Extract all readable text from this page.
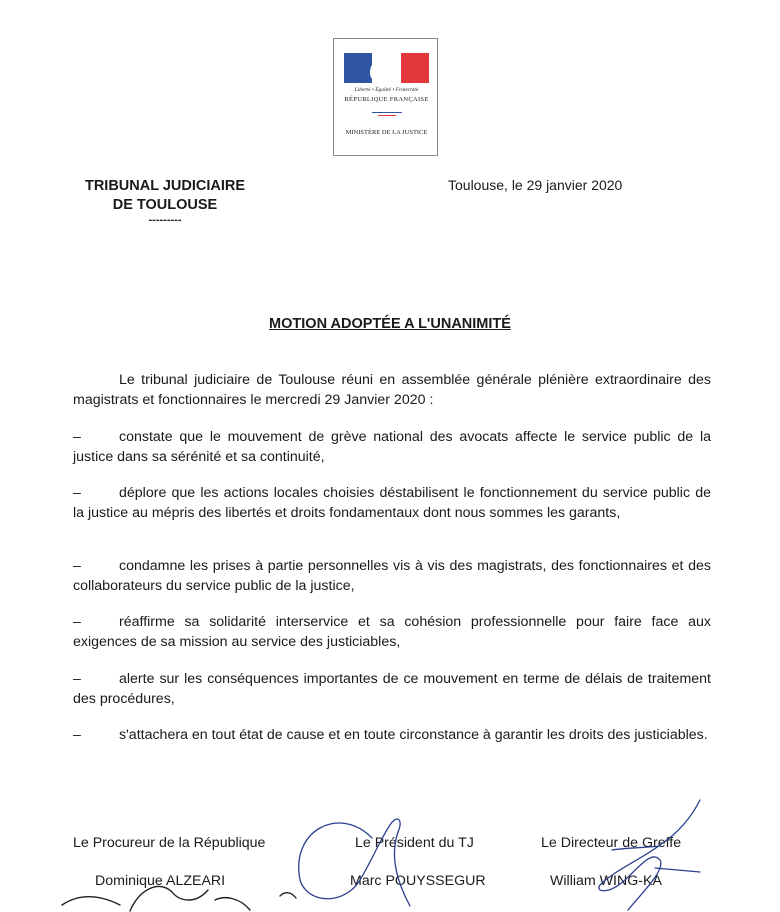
Liberté • Égalité • Fraternité
RÉPUBLIQUE FRANÇAISE
MINISTÈRE DE LA JUSTICE
TRIBUNAL JUDICIAIRE
DE TOULOUSE
---------
Toulouse, le 29 janvier 2020
MOTION ADOPTÉE A L'UNANIMITÉ
Le tribunal judiciaire de Toulouse réuni en assemblée générale plénière extraordinaire des magistrats et fonctionnaires le mercredi 29 Janvier 2020 :
–	constate que le mouvement de grève national des avocats affecte le service public de la justice dans sa sérénité et sa continuité,
–	déplore que les actions locales choisies déstabilisent le fonctionnement du service public de la justice au mépris des libertés et droits fondamentaux dont nous sommes les garants,
–	condamne les prises à partie personnelles vis à vis des magistrats, des fonctionnaires et des collaborateurs du service public de la justice,
–	réaffirme sa solidarité interservice et sa cohésion professionnelle pour faire face aux exigences de sa mission au service des justiciables,
–	alerte sur les conséquences importantes de ce mouvement en terme de délais de traitement des procédures,
–	s'attachera en tout état de cause et en toute circonstance à garantir les droits des justiciables.
Le Procureur de la République
Dominique ALZEARI
Le Président du TJ
Marc POUYSSEGUR
Le Directeur de Greffe
William WING-KA
